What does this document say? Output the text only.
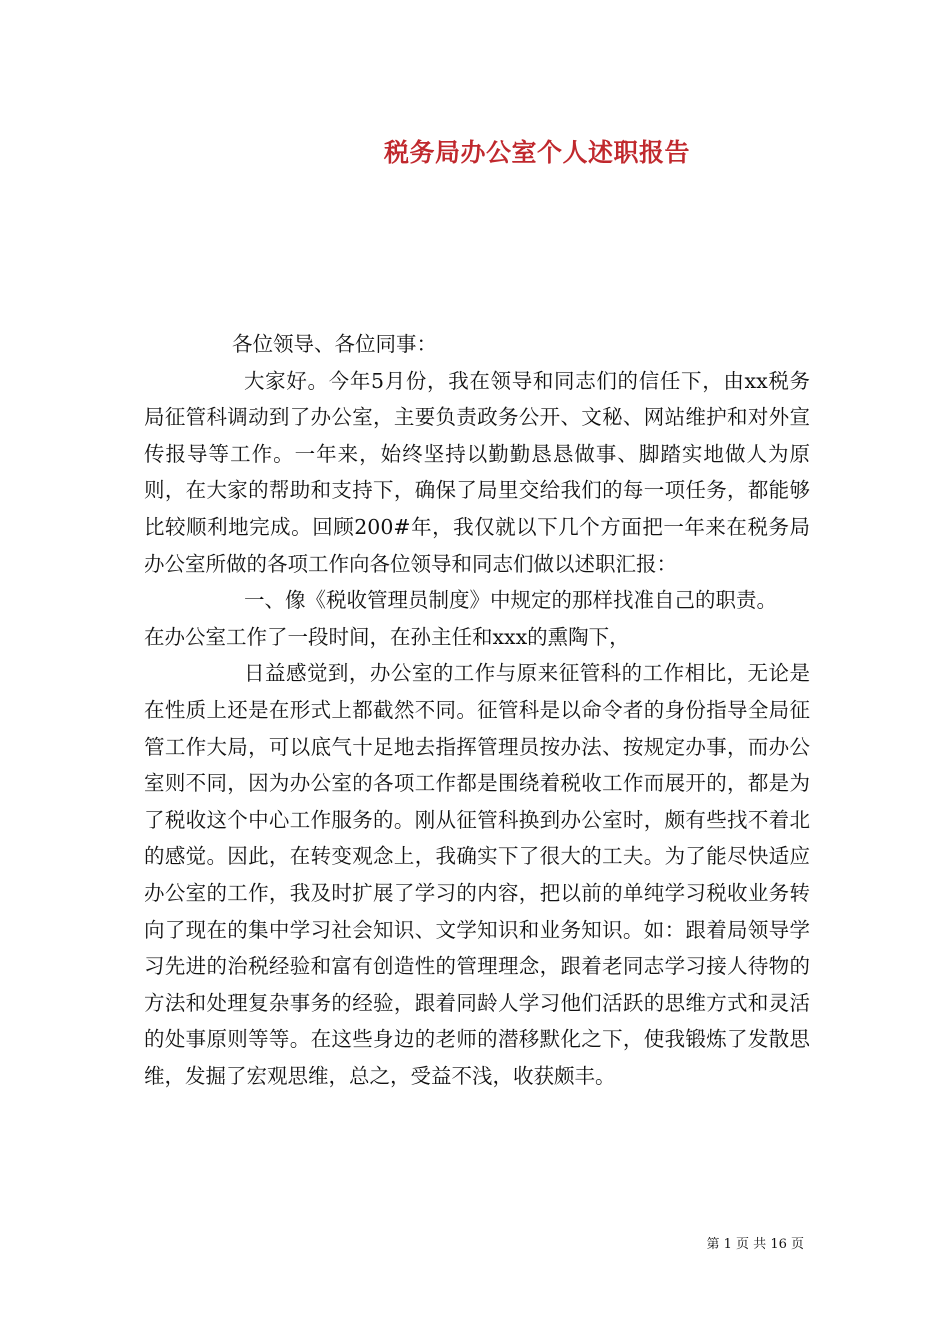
税务局办公室个人述职报告

各位领导、各位同事：

大家好。今年5月份，我在领导和同志们的信任下，由xx税务局征管科调动到了办公室，主要负责政务公开、文秘、网站维护和对外宣传报导等工作。一年来，始终坚持以勤勤恳恳做事、脚踏实地做人为原则，在大家的帮助和支持下，确保了局里交给我们的每一项任务，都能够比较顺利地完成。回顾200#年，我仅就以下几个方面把一年来在税务局办公室所做的各项工作向各位领导和同志们做以述职汇报：

一、像《税收管理员制度》中规定的那样找准自己的职责。

在办公室工作了一段时间，在孙主任和xxx的熏陶下，

日益感觉到，办公室的工作与原来征管科的工作相比，无论是在性质上还是在形式上都截然不同。征管科是以命令者的身份指导全局征管工作大局，可以底气十足地去指挥管理员按办法、按规定办事，而办公室则不同，因为办公室的各项工作都是围绕着税收工作而展开的，都是为了税收这个中心工作服务的。刚从征管科换到办公室时，颇有些找不着北的感觉。因此，在转变观念上，我确实下了很大的工夫。为了能尽快适应办公室的工作，我及时扩展了学习的内容，把以前的单纯学习税收业务转向了现在的集中学习社会知识、文学知识和业务知识。如：跟着局领导学习先进的治税经验和富有创造性的管理理念，跟着老同志学习接人待物的方法和处理复杂事务的经验，跟着同龄人学习他们活跃的思维方式和灵活的处事原则等等。在这些身边的老师的潜移默化之下，使我锻炼了发散思维，发掘了宏观思维，总之，受益不浅，收获颇丰。

第 1 页 共 16 页
